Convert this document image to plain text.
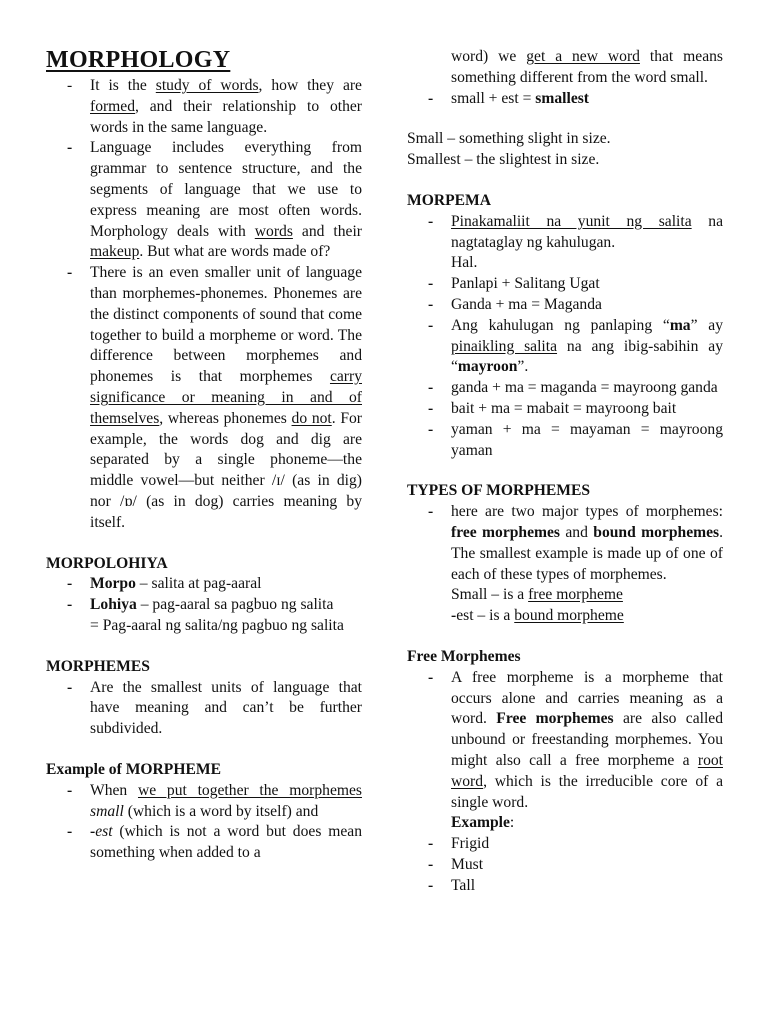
MORPHOLOGY
- It is the study of words, how they are formed, and their relationship to other words in the same language.
- Language includes everything from grammar to sentence structure, and the segments of language that we use to express meaning are most often words. Morphology deals with words and their makeup. But what are words made of?
- There is an even smaller unit of language than morphemes-phonemes. Phonemes are the distinct components of sound that come together to build a morpheme or word. The difference between morphemes and phonemes is that morphemes carry significance or meaning in and of themselves, whereas phonemes do not. For example, the words dog and dig are separated by a single phoneme—the middle vowel—but neither /ɪ/ (as in dig) nor /ɒ/ (as in dog) carries meaning by itself.

MORPOLOHIYA

- Morpo – salita at pag-aaral
- Lohiya – pag-aaral sa pagbuo ng salita
= Pag-aaral ng salita/ng pagbuo ng salita

MORPHEMES

- Are the smallest units of language that have meaning and can’t be further subdivided.

Example of MORPHEME

- When we put together the morphemes small (which is a word by itself) and
- -est (which is not a word but does mean something when added to a
word) we get a new word that means something different from the word small.
- small + est = smallest

Small – something slight in size.

Smallest – the slightest in size.

MORPEMA

- Pinakamaliit na yunit ng salita na nagtataglay ng kahulugan.
Hal.
- Panlapi + Salitang Ugat
- Ganda + ma = Maganda
- Ang kahulugan ng panlaping “ma” ay pinaikling salita na ang ibig-sabihin ay “mayroon”.
- ganda + ma = maganda = mayroong ganda
- bait + ma = mabait = mayroong bait
- yaman + ma = mayaman = mayroong yaman

TYPES OF MORPHEMES

- here are two major types of morphemes: free morphemes and bound morphemes. The smallest example is made up of one of each of these types of morphemes.
Small – is a free morpheme
-est – is a bound morpheme

Free Morphemes

- A free morpheme is a morpheme that occurs alone and carries meaning as a word. Free morphemes are also called unbound or freestanding morphemes. You might also call a free morpheme a root word, which is the irreducible core of a single word.
Example:
- Frigid
- Must
- Tall
